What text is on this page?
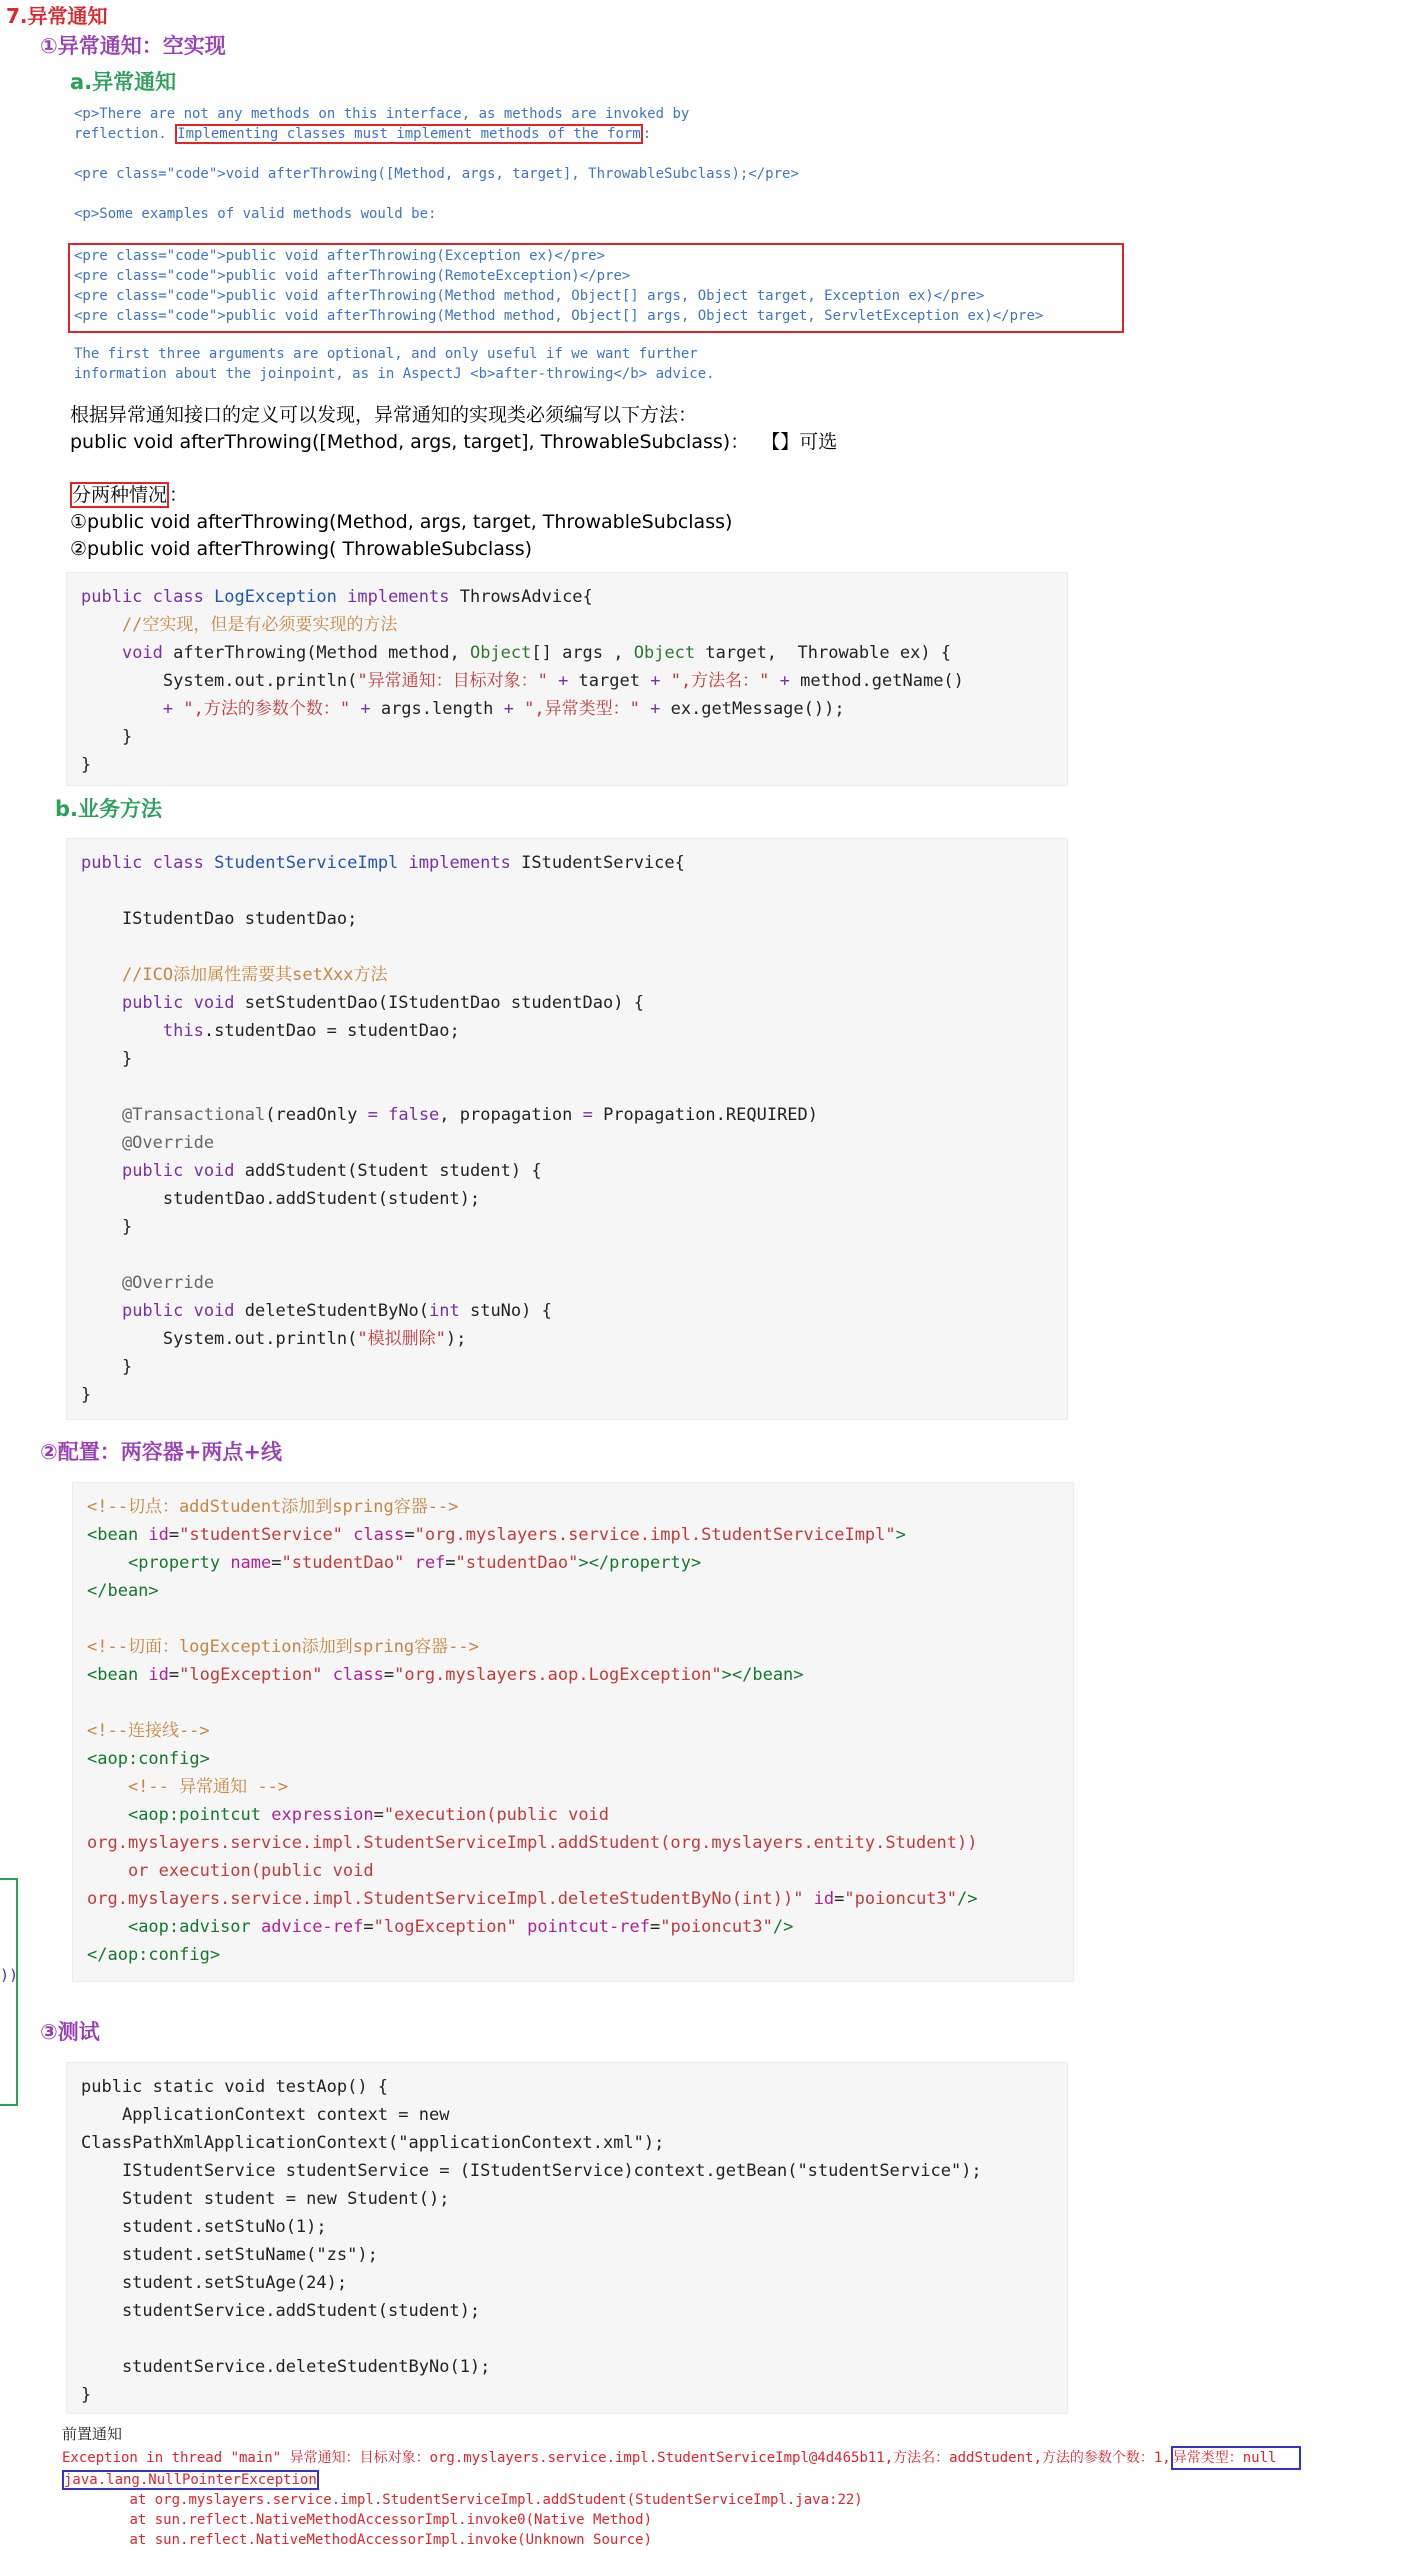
7.异常通知
①异常通知：空实现
a.异常通知
<p>There are not any methods on this interface, as methods are invoked by
reflection. Implementing classes must implement methods of the form :
<pre class="code">void afterThrowing([Method, args, target], ThrowableSubclass);</pre>
<p>Some examples of valid methods would be:
<pre class="code">public void afterThrowing(Exception ex)</pre>
<pre class="code">public void afterThrowing(RemoteException)</pre>
<pre class="code">public void afterThrowing(Method method, Object[] args, Object target, Exception ex)</pre>
<pre class="code">public void afterThrowing(Method method, Object[] args, Object target, ServletException ex)</pre>
The first three arguments are optional, and only useful if we want further
information about the joinpoint, as in AspectJ <b>after-throwing</b> advice.
根据异常通知接口的定义可以发现，异常通知的实现类必须编写以下方法：
public void afterThrowing([Method, args, target], ThrowableSubclass)：  【】可选
分两种情况 ：
①public void afterThrowing(Method, args, target, ThrowableSubclass)
②public void afterThrowing( ThrowableSubclass)
public class LogException implements ThrowsAdvice{
//空实现，但是有必须要实现的方法
void afterThrowing(Method method, Object[] args , Object target,  Throwable ex) {
System.out.println("异常通知：目标对象：" + target + ",方法名：" + method.getName()
+ ",方法的参数个数：" + args.length + ",异常类型：" + ex.getMessage());
}
}
b.业务方法
public class StudentServiceImpl implements IStudentService{

IStudentDao studentDao;

//ICO添加属性需要其setXxx方法
public void setStudentDao(IStudentDao studentDao) {
this.studentDao = studentDao;
}

@Transactional(readOnly = false, propagation = Propagation.REQUIRED)
@Override
public void addStudent(Student student) {
studentDao.addStudent(student);
}

@Override
public void deleteStudentByNo(int stuNo) {
System.out.println("模拟删除");
}
}
②配置：两容器+两点+线
))
<!--切点：addStudent添加到spring容器-->
<bean id="studentService" class="org.myslayers.service.impl.StudentServiceImpl">
<property name="studentDao" ref="studentDao"></property>
</bean>

<!--切面：logException添加到spring容器-->
<bean id="logException" class="org.myslayers.aop.LogException"></bean>

<!--连接线-->
<aop:config>
<!-- 异常通知 -->
<aop:pointcut expression="execution(public void
org.myslayers.service.impl.StudentServiceImpl.addStudent(org.myslayers.entity.Student))
or execution(public void
org.myslayers.service.impl.StudentServiceImpl.deleteStudentByNo(int))" id="poioncut3"/>
<aop:advisor advice-ref="logException" pointcut-ref="poioncut3"/>
</aop:config>
③测试
public static void testAop() {
ApplicationContext context = new
ClassPathXmlApplicationContext("applicationContext.xml");
IStudentService studentService = (IStudentService)context.getBean("studentService");
Student student = new Student();
student.setStuNo(1);
student.setStuName("zs");
student.setStuAge(24);
studentService.addStudent(student);

studentService.deleteStudentByNo(1);
}
前置通知
Exception in thread "main" 异常通知：目标对象：org.myslayers.service.impl.StudentServiceImpl@4d465b11,方法名：addStudent,方法的参数个数：1, 异常类型：null
java.lang.NullPointerException
	at org.myslayers.service.impl.StudentServiceImpl.addStudent(StudentServiceImpl.java:22)
	at sun.reflect.NativeMethodAccessorImpl.invoke0(Native Method)
	at sun.reflect.NativeMethodAccessorImpl.invoke(Unknown Source)
